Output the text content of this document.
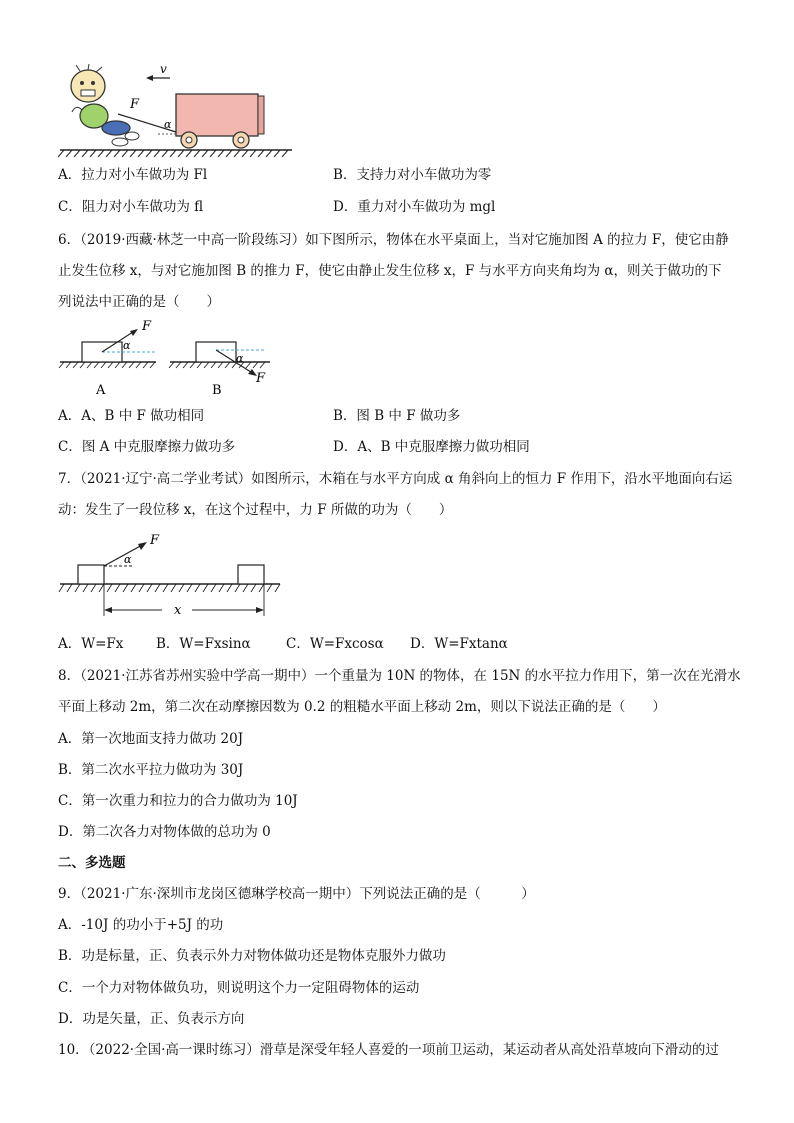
v
F
α
A．拉力对小车做功为 Fl	B．支持力对小车做功为零
C．阻力对小车做功为 fl	D．重力对小车做功为 mgl
6．（2019·西藏·林芝一中高一阶段练习）如下图所示，物体在水平桌面上，当对它施加图 A 的拉力 F，使它由静
止发生位移 x，与对它施加图 B 的推力 F，使它由静止发生位移 x，F 与水平方向夹角均为 α，则关于做功的下
列说法中正确的是（　　）
F
α
A
F
α
B
A．A、B 中 F 做功相同	B．图 B 中 F 做功多
C．图 A 中克服摩擦力做功多	D．A、B 中克服摩擦力做功相同
7．（2021·辽宁·高二学业考试）如图所示，木箱在与水平方向成 α 角斜向上的恒力 F 作用下，沿水平地面向右运
动：发生了一段位移 x，在这个过程中，力 F 所做的功为（　　）
F
α
x
A．W=Fx B．W=Fxsinα	C．W=Fxcosα D．W=Fxtanα
8．（2021·江苏省苏州实验中学高一期中）一个重量为 10N 的物体，在 15N 的水平拉力作用下，第一次在光滑水
平面上移动 2m，第二次在动摩擦因数为 0.2 的粗糙水平面上移动 2m，则以下说法正确的是（　　）
A．第一次地面支持力做功 20J
B．第二次水平拉力做功为 30J
C．第一次重力和拉力的合力做功为 10J
D．第二次各力对物体做的总功为 0
二、多选题
9．（2021·广东·深圳市龙岗区德琳学校高一期中）下列说法正确的是（　　　）
A．-10J 的功小于+5J 的功
B．功是标量，正、负表示外力对物体做功还是物体克服外力做功
C．一个力对物体做负功，则说明这个力一定阻碍物体的运动
D．功是矢量，正、负表示方向
10．（2022·全国·高一课时练习）滑草是深受年轻人喜爱的一项前卫运动，某运动者从高处沿草坡向下滑动的过
